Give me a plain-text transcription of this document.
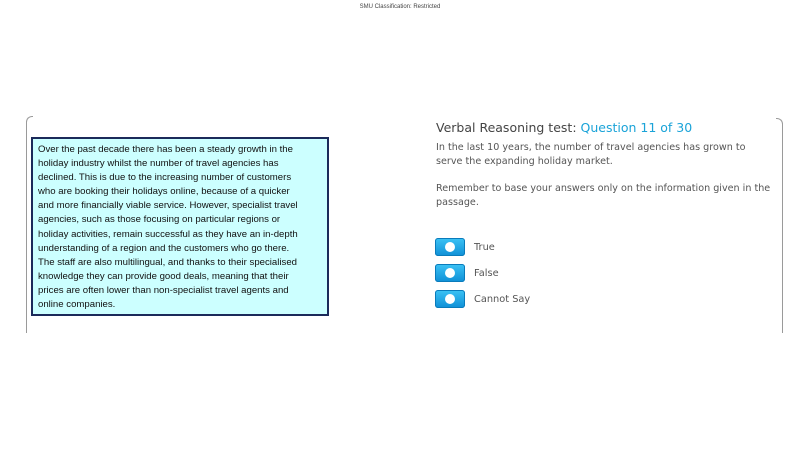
SMU Classification: Restricted
Over the past decade there has been a steady growth in the
holiday industry whilst the number of travel agencies has
declined. This is due to the increasing number of customers
who are booking their holidays online, because of a quicker
and more financially viable service. However, specialist travel
agencies, such as those focusing on particular regions or
holiday activities, remain successful as they have an in-depth
understanding of a region and the customers who go there.
The staff are also multilingual, and thanks to their specialised
knowledge they can provide good deals, meaning that their
prices are often lower than non-specialist travel agents and
online companies.
Verbal Reasoning test: Question 11 of 30
In the last 10 years, the number of travel agencies has grown to
serve the expanding holiday market.
Remember to base your answers only on the information given in the
passage.
True
False
Cannot Say
